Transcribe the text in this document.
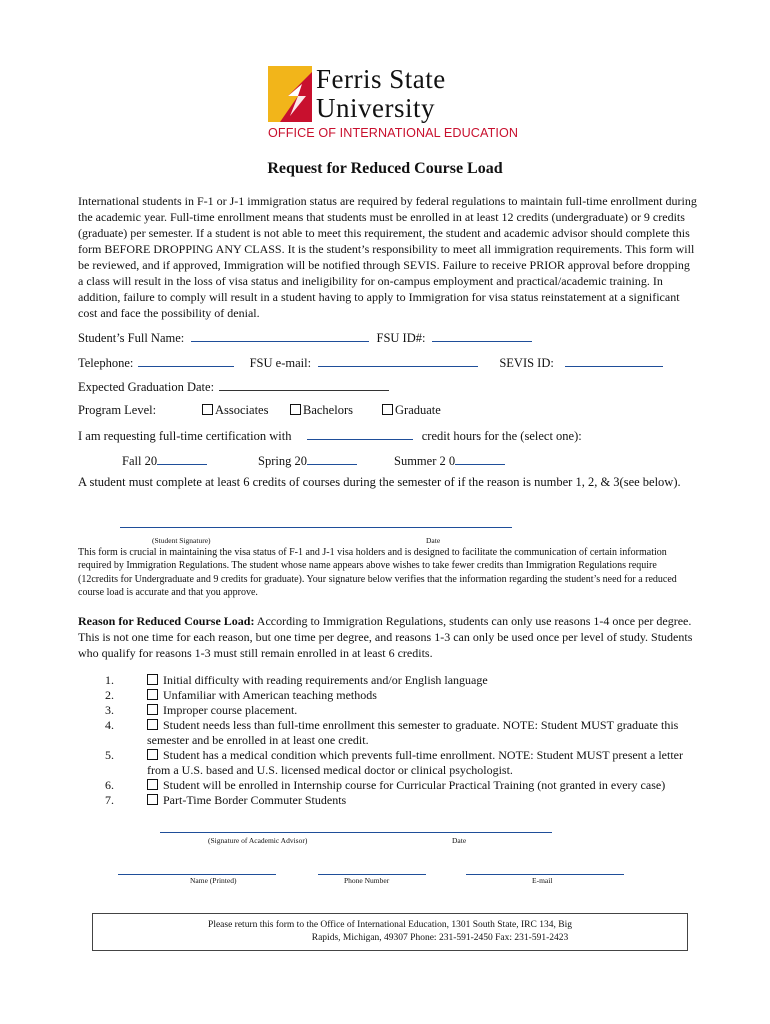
Ferris State
University
OFFICE OF INTERNATIONAL EDUCATION
Request for Reduced Course Load
International students in F-1 or J-1 immigration status are required by federal regulations to maintain full-time enrollment during the academic year. Full-time enrollment means that students must be enrolled in at least 12 credits (undergraduate) or 9 credits (graduate) per semester. If a student is not able to meet this requirement, the student and academic advisor should complete this form BEFORE DROPPING ANY CLASS. It is the student’s responsibility to meet all immigration requirements. This form will be reviewed, and if approved, Immigration will be notified through SEVIS. Failure to receive PRIOR approval before dropping a class will result in the loss of visa status and ineligibility for on-campus employment and practical/academic training. In addition, failure to comply will result in a student having to apply to Immigration for visa status reinstatement at a significant cost and face the possibility of denial.
Student’s Full Name:	FSU ID#:
Telephone:	FSU e-mail:	SEVIS ID:
Expected Graduation Date:
Program Level:	Associates	Bachelors	Graduate
I am requesting full-time certification with	credit hours for the (select one):
Fall 20	Spring 20	Summer 2 0
A student must complete at least 6 credits of courses during the semester of if the reason is number 1, 2, & 3(see below).
(Student Signature)	Date
This form is crucial in maintaining the visa status of F-1 and J-1 visa holders and is designed to facilitate the communication of certain information required by Immigration Regulations. The student whose name appears above wishes to take fewer credits than Immigration Regulations require (12credits for Undergraduate and 9 credits for graduate). Your signature below verifies that the information regarding the student’s need for a reduced course load is accurate and that you approve.
Reason for Reduced Course Load: According to Immigration Regulations, students can only use reasons 1-4 once per degree. This is not one time for each reason, but one time per degree, and reasons 1-3 can only be used once per level of study. Students who qualify for reasons 1-3 must still remain enrolled in at least 6 credits.
1.	Initial difficulty with reading requirements and/or English language
2.	Unfamiliar with American teaching methods
3.	Improper course placement.
4.	Student needs less than full-time enrollment this semester to graduate. NOTE: Student MUST graduate this semester and be enrolled in at least one credit.
5.	Student has a medical condition which prevents full-time enrollment. NOTE: Student MUST present a letter from a U.S. based and U.S. licensed medical doctor or clinical psychologist.
6.	Student will be enrolled in Internship course for Curricular Practical Training (not granted in every case)
7.	Part-Time Border Commuter Students
(Signature of Academic Advisor)	Date
Name (Printed)	Phone Number	E-mail
Please return this form to the Office of International Education, 1301 South State, IRC 134, Big
Rapids, Michigan, 49307 Phone: 231-591-2450 Fax: 231-591-2423
